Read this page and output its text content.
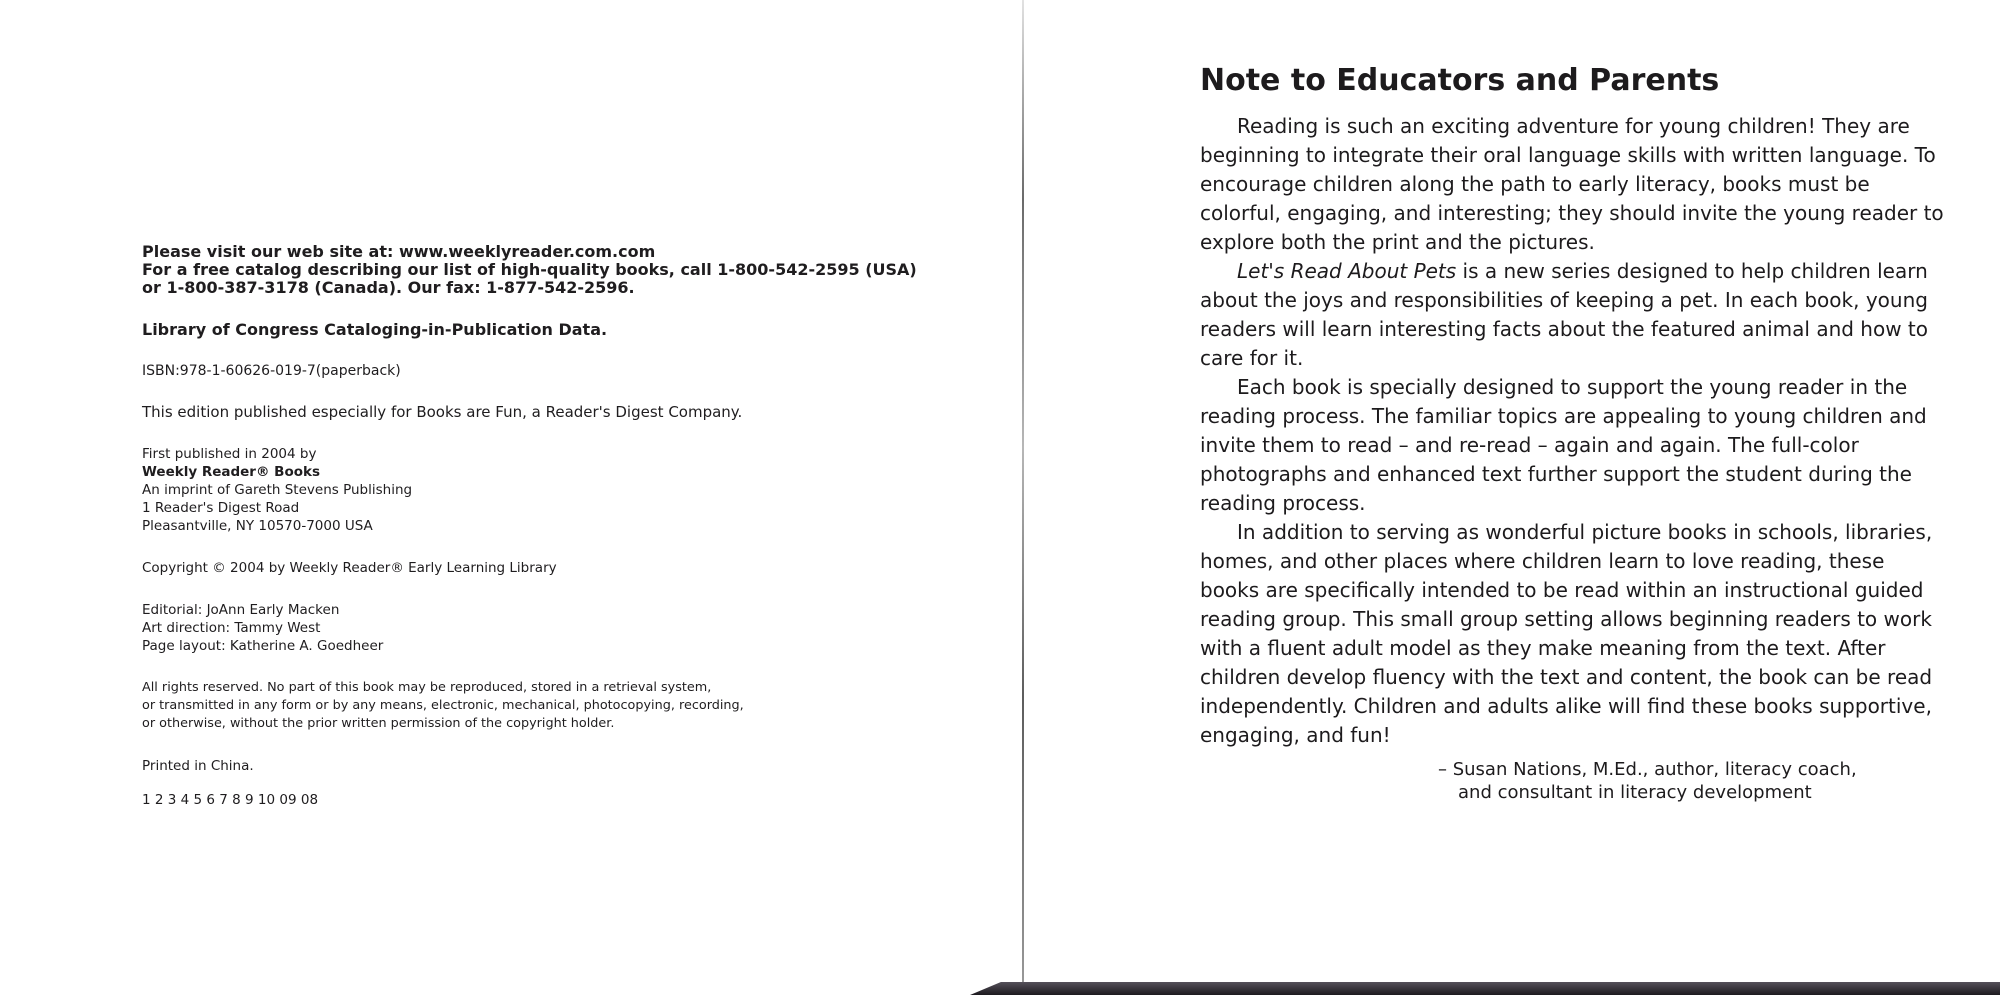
Please visit our web site at: www.weeklyreader.com.com
For a free catalog describing our list of high-quality books, call 1-800-542-2595 (USA)
or 1-800-387-3178 (Canada). Our fax: 1-877-542-2596.
Library of Congress Cataloging-in-Publication Data.
ISBN:978-1-60626-019-7(paperback)
This edition published especially for Books are Fun, a Reader's Digest Company.
First published in 2004 by
Weekly Reader® Books
An imprint of Gareth Stevens Publishing
1 Reader's Digest Road
Pleasantville, NY 10570-7000 USA
Copyright © 2004 by Weekly Reader® Early Learning Library
Editorial: JoAnn Early Macken
Art direction: Tammy West
Page layout: Katherine A. Goedheer
All rights reserved. No part of this book may be reproduced, stored in a retrieval system,
or transmitted in any form or by any means, electronic, mechanical, photocopying, recording,
or otherwise, without the prior written permission of the copyright holder.
Printed in China.
1 2 3 4 5 6 7 8 9 10 09 08
Note to Educators and Parents

Reading is such an exciting adventure for young children! They are beginning to integrate their oral language skills with written language. To encourage children along the path to early literacy, books must be colorful, engaging, and interesting; they should invite the young reader to explore both the print and the pictures.

Let's Read About Pets is a new series designed to help children learn about the joys and responsibilities of keeping a pet. In each book, young readers will learn interesting facts about the featured animal and how to care for it.

Each book is specially designed to support the young reader in the reading process. The familiar topics are appealing to young children and invite them to read – and re-read – again and again. The full-color photographs and enhanced text further support the student during the reading process.

In addition to serving as wonderful picture books in schools, libraries, homes, and other places where children learn to love reading, these books are specifically intended to be read within an instructional guided reading group. This small group setting allows beginning readers to work with a fluent adult model as they make meaning from the text. After children develop fluency with the text and content, the book can be read independently. Children and adults alike will find these books supportive, engaging, and fun!

– Susan Nations, M.Ed., author, literacy coach,
and consultant in literacy development
